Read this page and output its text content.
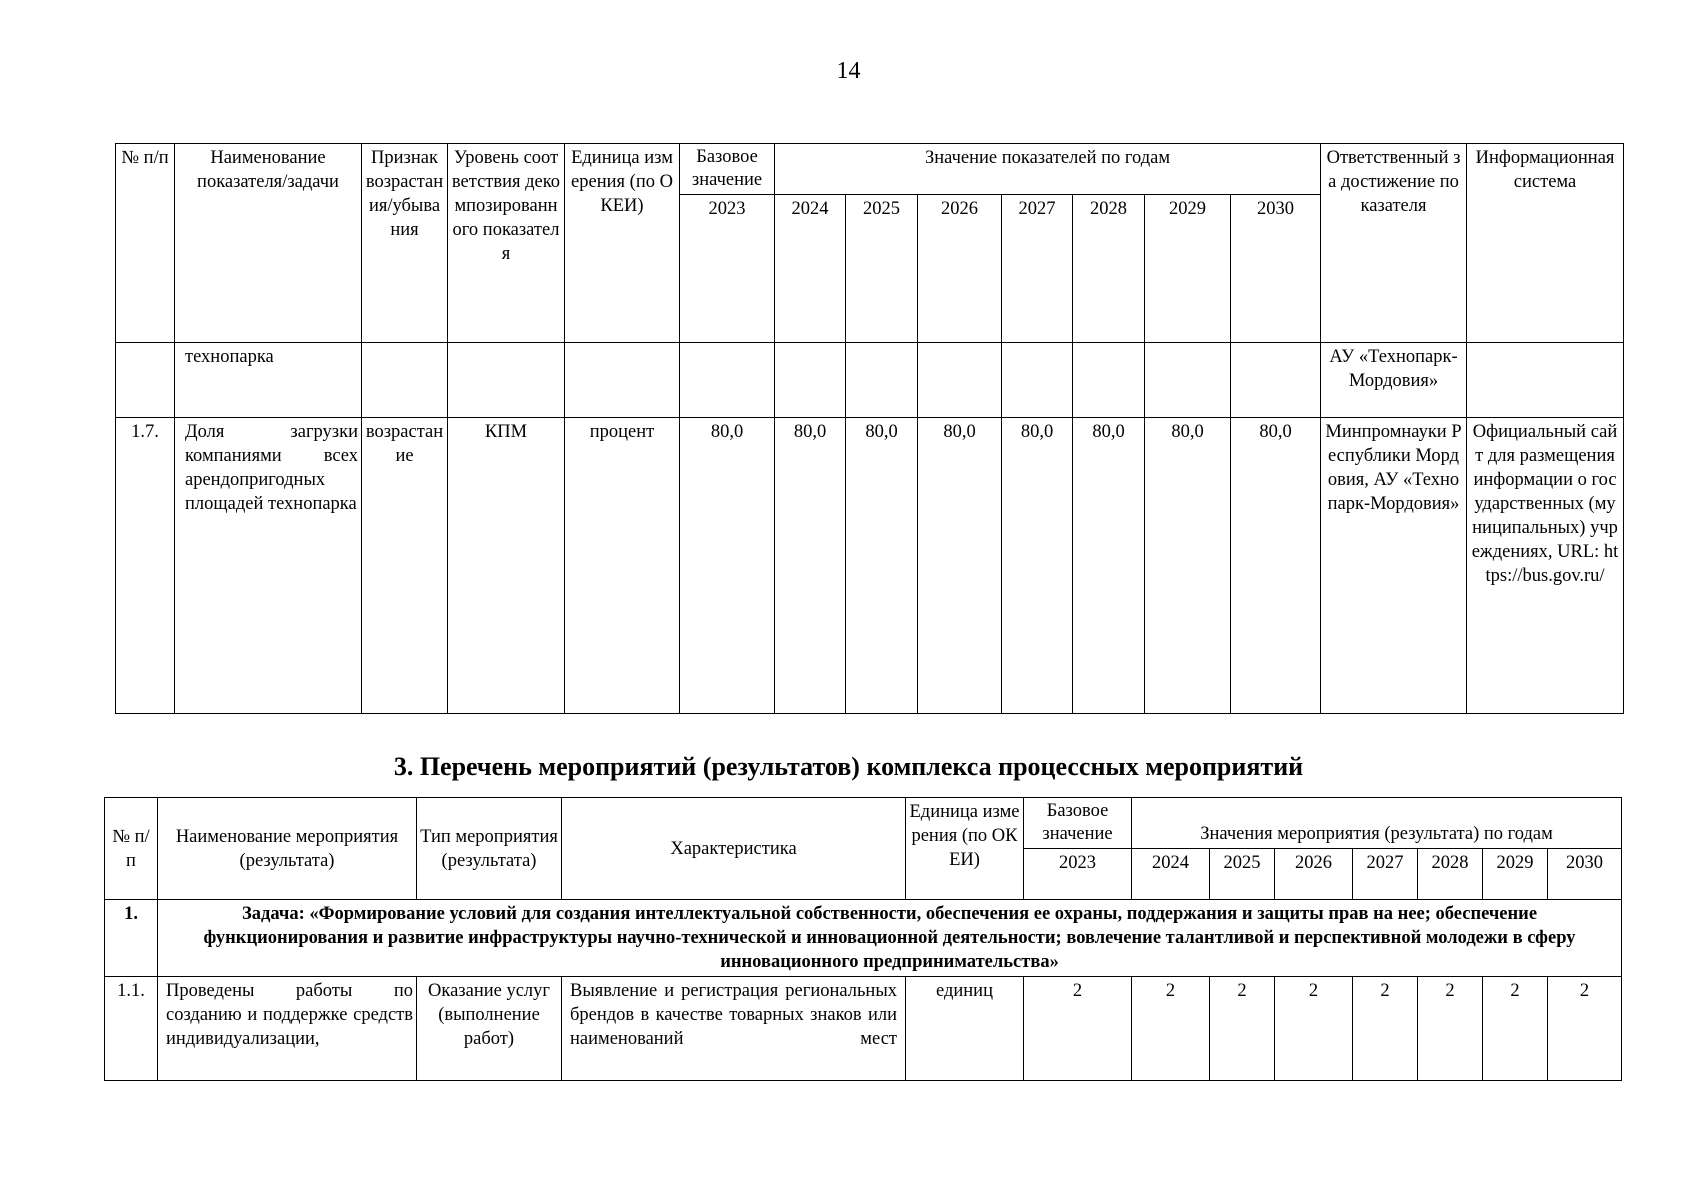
14
№ п/п	Наименование показателя/задачи	Признак возрастания/убывания	Уровень соответствия декомпозированного показателя	Единица измерения (по ОКЕИ)	Базовое значение	Значение показателей по годам							Ответственный за достижение показателя	Информационная система
					2023	2024	2025	2026	2027	2028	2029	2030		
	технопарка												АУ «Технопарк-Мордовия»	
1.7.	Доля загрузки компаниями всех арендопригодных площадей технопарка	возрастание	КПМ	процент	80,0	80,0	80,0	80,0	80,0	80,0	80,0	80,0	Минпромнауки Республики Мордовия, АУ «Технопарк-Мордовия»	Официальный сайт для размещения информации о государственных (муниципальных) учреждениях, URL: https://bus.gov.ru/
3. Перечень мероприятий (результатов) комплекса процессных мероприятий
№ п/п	Наименование мероприятия (результата)	Тип мероприятия (результата)	Характеристика	Единица измерения (по ОКЕИ)	Базовое значение	Значения мероприятия (результата) по годам						
					2023	2024	2025	2026	2027	2028	2029	2030
1.	Задача: «Формирование условий для создания интеллектуальной собственности, обеспечения ее охраны, поддержания и защиты прав на нее; обеспечение функционирования и развитие инфраструктуры научно-технической и инновационной деятельности; вовлечение талантливой и перспективной молодежи в сферу инновационного предпринимательства»											
1.1.	Проведены работы по созданию и поддержке средств индивидуализации,	Оказание услуг (выполнение работ)	Выявление и регистрация региональных брендов в качестве товарных знаков или наименований мест	единиц	2	2	2	2	2	2	2	2
